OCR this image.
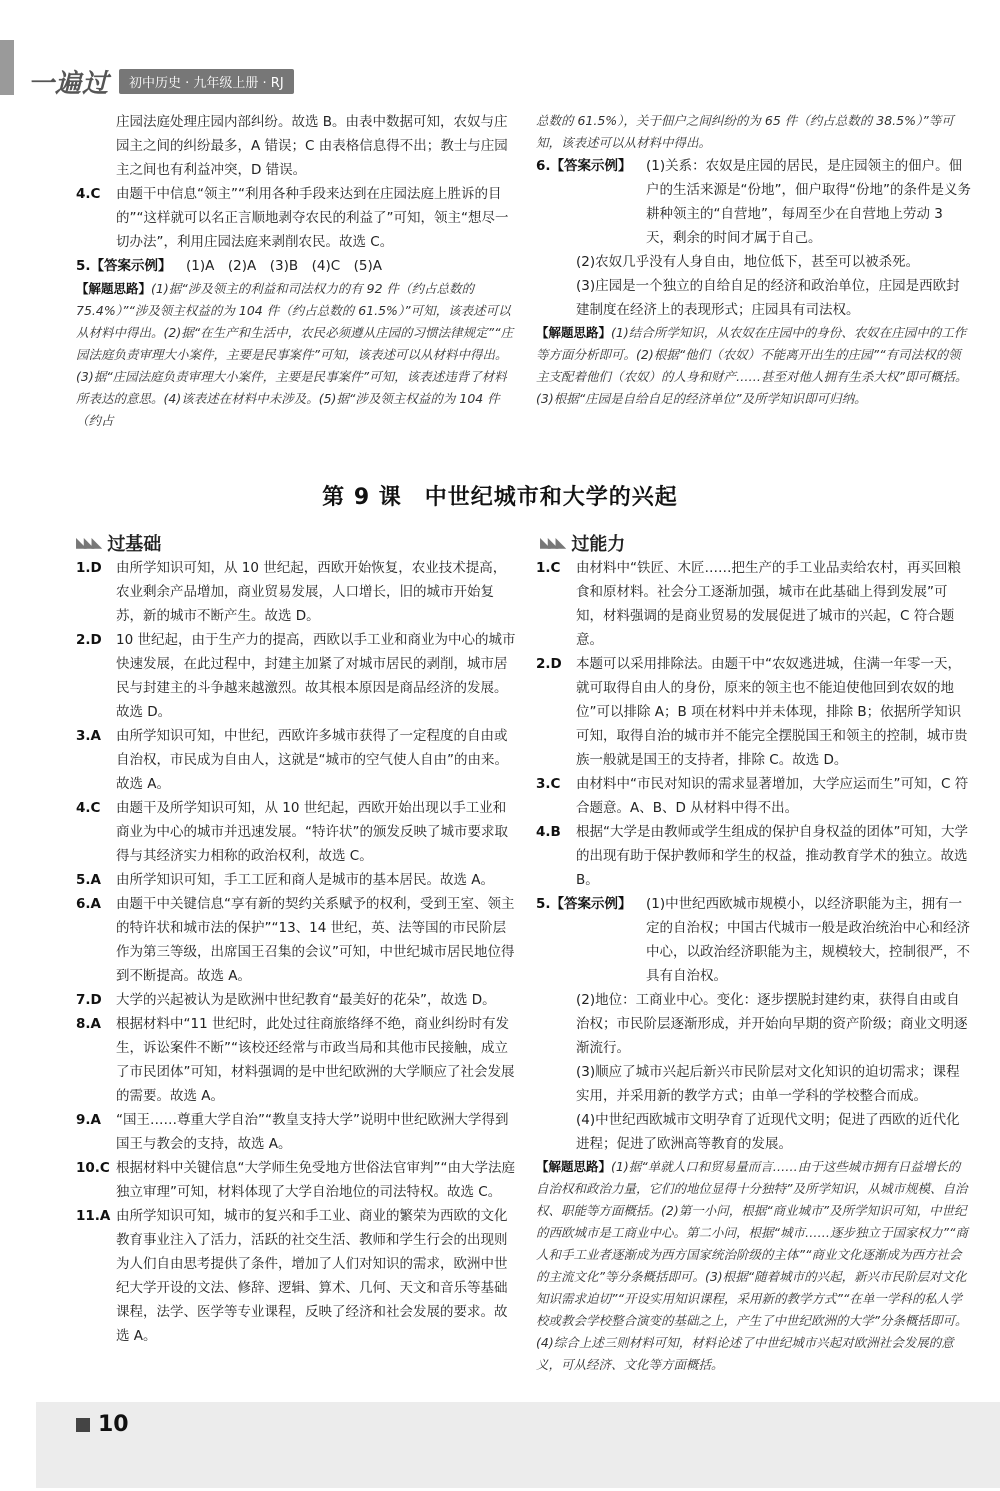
一遍过	初中历史 · 九年级上册 · RJ
庄园法庭处理庄园内部纠纷。故选 B。由表中数据可知，农奴与庄园主之间的纠纷最多，A 错误；C 由表格信息得不出；教士与庄园主之间也有利益冲突，D 错误。
4.C	由题干中信息“领主”“利用各种手段来达到在庄园法庭上胜诉的目的”“这样就可以名正言顺地剥夺农民的利益了”可知，领主“想尽一切办法”，利用庄园法庭来剥削农民。故选 C。
5.【答案示例】	(1)A　(2)A　(3)B　(4)C　(5)A
【解题思路】(1)据“涉及领主的利益和司法权力的有 92 件（约占总数的 75.4%）”“涉及领主权益的为 104 件（约占总数的 61.5%）”可知，该表述可以从材料中得出。(2)据“在生产和生活中，农民必须遵从庄园的习惯法律规定”“庄园法庭负责审理大小案件，主要是民事案件”可知，该表述可以从材料中得出。(3)据“庄园法庭负责审理大小案件，主要是民事案件”可知，该表述违背了材料所表达的意思。(4)该表述在材料中未涉及。(5)据“涉及领主权益的为 104 件（约占
总数的 61.5%），关于佃户之间纠纷的为 65 件（约占总数的 38.5%）”等可知，该表述可以从材料中得出。
6.【答案示例】	(1)关系：农奴是庄园的居民，是庄园领主的佃户。佃户的生活来源是“份地”，佃户取得“份地”的条件是义务耕种领主的“自营地”，每周至少在自营地上劳动 3 天，剩余的时间才属于自己。
(2)农奴几乎没有人身自由，地位低下，甚至可以被杀死。
(3)庄园是一个独立的自给自足的经济和政治单位，庄园是西欧封建制度在经济上的表现形式；庄园具有司法权。
【解题思路】(1)结合所学知识，从农奴在庄园中的身份、农奴在庄园中的工作等方面分析即可。(2)根据“他们（农奴）不能离开出生的庄园”“有司法权的领主支配着他们（农奴）的人身和财产……甚至对他人拥有生杀大权”即可概括。(3)根据“庄园是自给自足的经济单位”及所学知识即可归纳。
第 9 课　中世纪城市和大学的兴起
◣◣◣ 过基础	◣◣◣ 过能力
1.D	由所学知识可知，从 10 世纪起，西欧开始恢复，农业技术提高，农业剩余产品增加，商业贸易发展，人口增长，旧的城市开始复苏，新的城市不断产生。故选 D。
2.D	10 世纪起，由于生产力的提高，西欧以手工业和商业为中心的城市快速发展，在此过程中，封建主加紧了对城市居民的剥削，城市居民与封建主的斗争越来越激烈。故其根本原因是商品经济的发展。故选 D。
3.A	由所学知识可知，中世纪，西欧许多城市获得了一定程度的自由或自治权，市民成为自由人，这就是“城市的空气使人自由”的由来。故选 A。
4.C	由题干及所学知识可知，从 10 世纪起，西欧开始出现以手工业和商业为中心的城市并迅速发展。“特许状”的颁发反映了城市要求取得与其经济实力相称的政治权利，故选 C。
5.A	由所学知识可知，手工工匠和商人是城市的基本居民。故选 A。
6.A	由题干中关键信息“享有新的契约关系赋予的权利，受到王室、领主的特许状和城市法的保护”“13、14 世纪，英、法等国的市民阶层作为第三等级，出席国王召集的会议”可知，中世纪城市居民地位得到不断提高。故选 A。
7.D	大学的兴起被认为是欧洲中世纪教育“最美好的花朵”，故选 D。
8.A	根据材料中“11 世纪时，此处过往商旅络绎不绝，商业纠纷时有发生，诉讼案件不断”“该校还经常与市政当局和其他市民接触，成立了市民团体”可知，材料强调的是中世纪欧洲的大学顺应了社会发展的需要。故选 A。
9.A	“国王……尊重大学自治”“教皇支持大学”说明中世纪欧洲大学得到国王与教会的支持，故选 A。
10.C 根据材料中关键信息“大学师生免受地方世俗法官审判”“由大学法庭独立审理”可知，材料体现了大学自治地位的司法特权。故选 C。
11.A 由所学知识可知，城市的复兴和手工业、商业的繁荣为西欧的文化教育事业注入了活力，活跃的社交生活、教师和学生行会的出现则为人们自由思考提供了条件，增加了人们对知识的需求，欧洲中世纪大学开设的文法、修辞、逻辑、算术、几何、天文和音乐等基础课程，法学、医学等专业课程，反映了经济和社会发展的要求。故选 A。
1.C	由材料中“铁匠、木匠……把生产的手工业品卖给农村，再买回粮食和原材料。社会分工逐渐加强，城市在此基础上得到发展”可知，材料强调的是商业贸易的发展促进了城市的兴起，C 符合题意。
2.D	本题可以采用排除法。由题干中“农奴逃进城，住满一年零一天，就可取得自由人的身份，原来的领主也不能迫使他回到农奴的地位”可以排除 A；B 项在材料中并未体现，排除 B；依据所学知识可知，取得自治的城市并不能完全摆脱国王和领主的控制，城市贵族一般就是国王的支持者，排除 C。故选 D。
3.C	由材料中“市民对知识的需求显著增加，大学应运而生”可知，C 符合题意。A、B、D 从材料中得不出。
4.B	根据“大学是由教师或学生组成的保护自身权益的团体”可知，大学的出现有助于保护教师和学生的权益，推动教育学术的独立。故选 B。
5.【答案示例】	(1)中世纪西欧城市规模小，以经济职能为主，拥有一定的自治权；中国古代城市一般是政治统治中心和经济中心，以政治经济职能为主，规模较大，控制很严，不具有自治权。
(2)地位：工商业中心。变化：逐步摆脱封建约束，获得自由或自治权；市民阶层逐渐形成，并开始向早期的资产阶级；商业文明逐渐流行。
(3)顺应了城市兴起后新兴市民阶层对文化知识的迫切需求；课程实用，并采用新的教学方式；由单一学科的学校整合而成。
(4)中世纪西欧城市文明孕育了近现代文明；促进了西欧的近代化进程；促进了欧洲高等教育的发展。
【解题思路】(1)据“单就人口和贸易量而言……由于这些城市拥有日益增长的自治权和政治力量，它们的地位显得十分独特”及所学知识，从城市规模、自治权、职能等方面概括。(2)第一小问，根据“商业城市”及所学知识可知，中世纪的西欧城市是工商业中心。第二小问，根据“城市……逐步独立于国家权力”“商人和手工业者逐渐成为西方国家统治阶级的主体”“商业文化逐渐成为西方社会的主流文化”等分条概括即可。(3)根据“随着城市的兴起，新兴市民阶层对文化知识需求迫切”“开设实用知识课程，采用新的教学方式”“在单一学科的私人学校或教会学校整合演变的基础之上，产生了中世纪欧洲的大学”分条概括即可。(4)综合上述三则材料可知，材料论述了中世纪城市兴起对欧洲社会发展的意义，可从经济、文化等方面概括。
10
